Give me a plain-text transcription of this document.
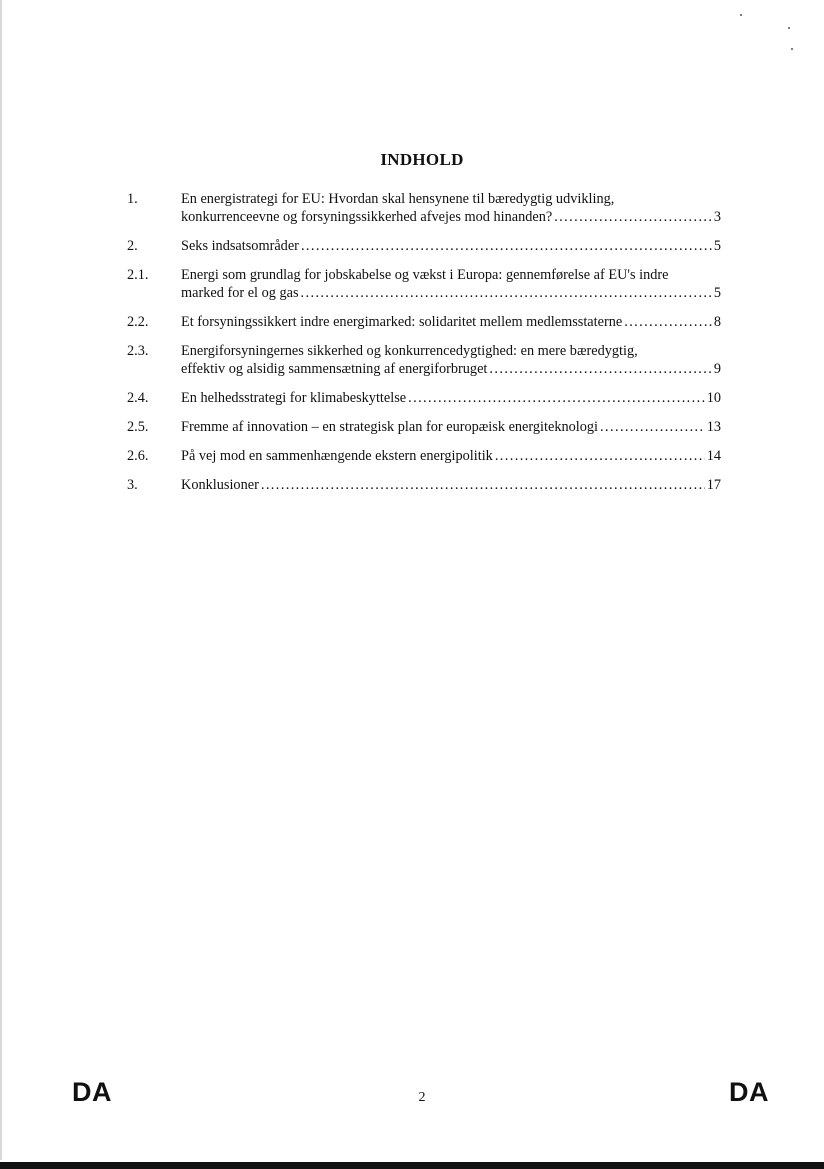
INDHOLD
1.	En energistrategi for EU: Hvordan skal hensynene til bæredygtig udvikling,
konkurrenceevne og forsyningssikkerhed afvejes mod hinanden? .....	3
2.	Seks indsatsområder .....	5
2.1.	Energi som grundlag for jobskabelse og vækst i Europa: gennemførelse af EU's indre
marked for el og gas .....	5
2.2.	Et forsyningssikkert indre energimarked: solidaritet mellem medlemsstaterne .....	8
2.3.	Energiforsyningernes sikkerhed og konkurrencedygtighed: en mere bæredygtig,
effektiv og alsidig sammensætning af energiforbruget .....	9
2.4.	En helhedsstrategi for klimabeskyttelse .....	10
2.5.	Fremme af innovation – en strategisk plan for europæisk energiteknologi .....	13
2.6.	På vej mod en sammenhængende ekstern energipolitik .....	14
3.	Konklusioner .....	17
DA	2	DA
